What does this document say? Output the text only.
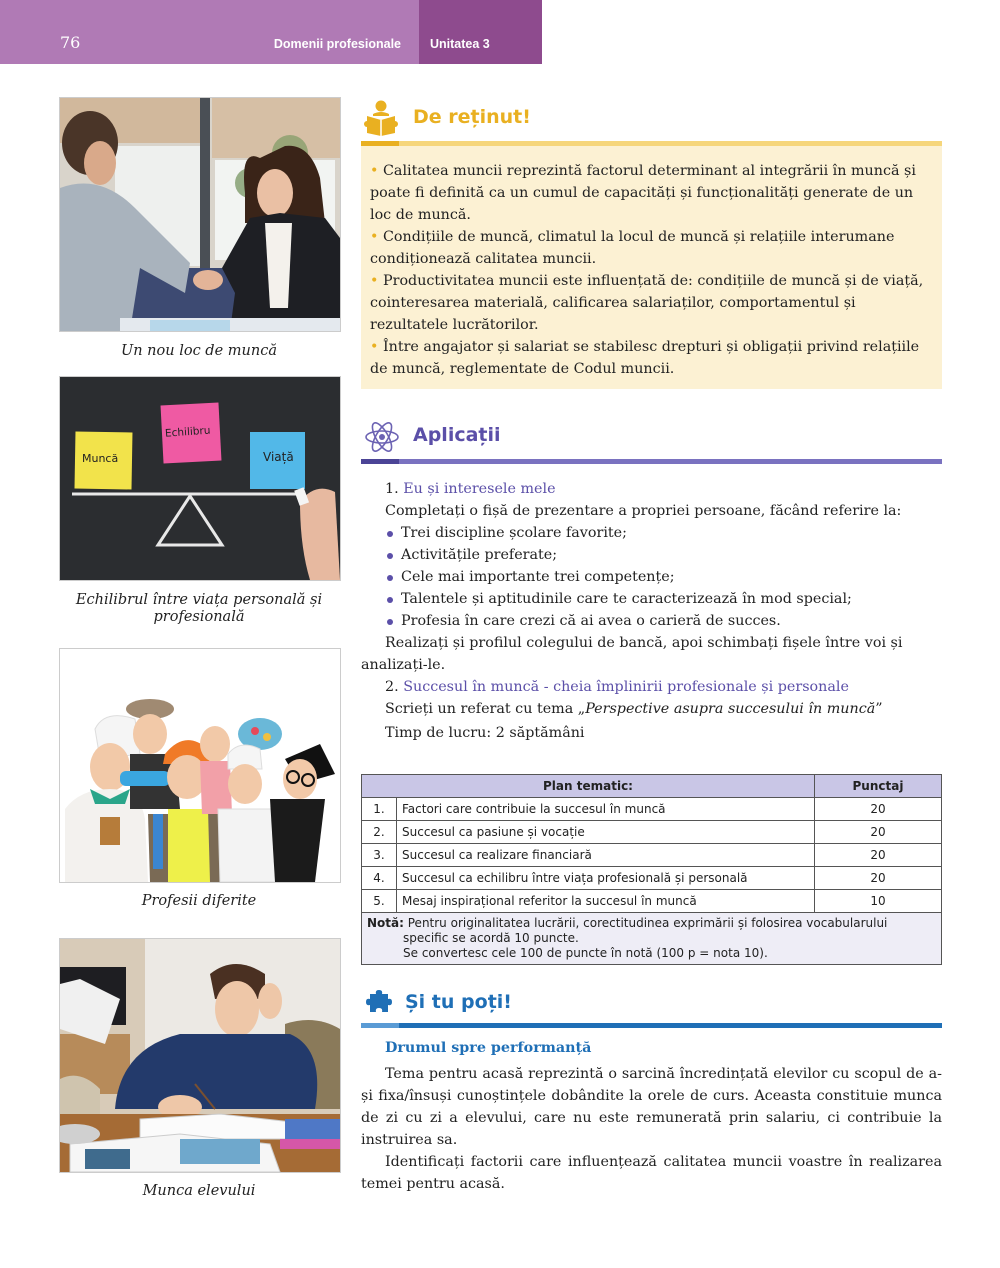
76	Domenii profesionale Unitatea 3
Un nou loc de muncă
Muncă
Echilibru
Viață
Echilibrul între viața personală și profesională
Profesii diferite
Munca elevului
De reținut!

• Calitatea muncii reprezintă factorul determinant al integrării în muncă și poate fi definită ca un cumul de capacități și funcționalități generate de un loc de muncă.

• Condițiile de muncă, climatul la locul de muncă și relațiile interumane condiționează calitatea muncii.

• Productivitatea muncii este influențată de: condițiile de muncă și de viață, cointeresarea materială, calificarea salariaților, comportamentul și rezultatele lucrătorilor.

• Între angajator și salariat se stabilesc drepturi și obligații privind relațiile de muncă, reglementate de Codul muncii.

Aplicații

1. Eu și interesele mele

Completați o fișă de prezentare a propriei persoane, făcând referire la:

Trei discipline școlare favorite;
Activitățile preferate;
Cele mai importante trei competențe;
Talentele și aptitudinile care te caracterizează în mod special;
Profesia în care crezi că ai avea o carieră de succes.

Realizați și profilul colegului de bancă, apoi schimbați fișele între voi și analizați-le.

2. Succesul în muncă - cheia împlinirii profesionale și personale

Scrieți un referat cu tema „Perspective asupra succesului în muncă”

Timp de lucru: 2 săptămâni

Plan tematic:		Punctaj
1.	Factori care contribuie la succesul în muncă	20
2.	Succesul ca pasiune și vocație	20
3.	Succesul ca realizare financiară	20
4.	Succesul ca echilibru între viața profesională și personală	20
5.	Mesaj inspirațional referitor la succesul în muncă	10
Notă: Pentru originalitatea lucrării, corectitudinea exprimării și folosirea vocabularului
specific se acordă 10 puncte.
Se convertesc cele 100 de puncte în notă (100 p = nota 10).		
Și tu poți!

Drumul spre performanță

Tema pentru acasă reprezintă o sarcină încredințată elevilor cu scopul de a-și fixa/însuși cunoștințele dobândite la orele de curs. Aceasta constituie munca de zi cu zi a elevului, care nu este remunerată prin salariu, ci contribuie la instruirea sa.

Identificați factorii care influențează calitatea muncii voastre în realizarea temei pentru acasă.
